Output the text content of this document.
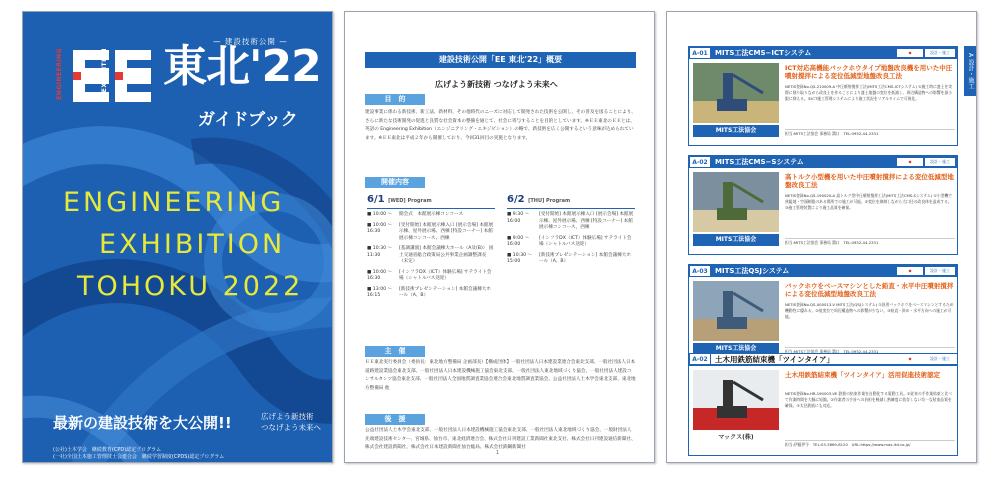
— 建設技術公開 —
ENGINEERING	EXHIBITION 東北'22
ガイドブック
ENGINEERING
EXHIBITION
TOHOKU 2022
最新の建設技術を大公開!!	広げよう新技術
つなげよう未来へ
(公社)土木学会　継続教育(CPD)認定プログラム
(一社)全国土木施工管理技士会連合会　継続学習制度(CPDS)認定プログラム
建設技術公開「EE 東北'22」概要
広げよう新技術 つなげよう未来へ
目　的
建設事業に係わる新技術、新工法、新材料、その他時代のニーズに対応して開発された技術を公開し、その普及を図ることにより、さらに新たな技術開発の促進と良質な社会資本の整備を通じて、社会に寄与することを目的としています。※ＥＥ東北のＥＥとは、英語の Engineering Exhibition（エンジニアリング・エキジビション）の略で、新技術を広く公開するという意味が込められています。※ＥＥ東北は平成２年から開催しており、今回31回目の実施となります。
開催内容
6/1 [WED] Program
■ 10:00 〜	開会式　本館展示棟コンコース
■ 10:00 〜 16:30
[受付開始] 本館展示棟入口 [展示会場] 本館展示棟、屋外展示場、西棟 [特設コーナー] 本館展示棟コンコース、西棟
■ 10:30 〜 11:30
[基調講演] 本館会議棟大ホール（A及(B)） 国土交通省総合政策局公共事業企画調整課長（未定）
■ 10:00 〜 16:30
[インフラDX（ICT）体験広場] サテライト会場（シャトルバス送迎）
■ 13:00 〜 16:15
[新技術プレゼンテーション] 本館会議棟大ホール（A、B）
6/2 [THU] Program
■ 9:30 〜 16:00
[受付開始] 本館展示棟入口 [展示会場] 本館展示棟、屋外展示場、西棟 [特設コーナー] 本館展示棟コンコース、西棟
■ 9:00 〜 16:00
[インフラDX（ICT）体験広場] サテライト会場（シャトルバス送迎）
■ 10:30 〜 15:00
[新技術プレゼンテーション] 本館会議棟大ホール（A、B）
主　催
ＥＥ東北実行委員会（委員長：東北地方整備局 企画部長）【構成団体】一般社団法人日本建設業連合会東北支部、一般社団法人日本道路建設業協会東北支部、一般社団法人日本建設機械施工協会東北支部、一般社団法人東北地域づくり協会、一般社団法人建設コンサルタンツ協会東北支部、一般社団法人全国地質調査業協会連合会東北地質調査業協会、公益社団法人土木学会東北支部、東北地方整備局 他
後　援
公益社団法人土木学会東北支部、一般社団法人日本建設機械施工協会東北支部、一般社団法人東北地域づくり協会、一般財団法人先端建設技術センター、宮城県、仙台市、東北経済連合会、株式会社日刊建設工業新聞社東北支社、株式会社日刊建設通信新聞社、株式会社建設新聞社、株式会社日本建設新聞社仙台総局、株式会社鉄鋼新聞社
1
A 設計・施工
A-01	MITS工法CMS−ICTシステム	◆	設計・施工
MITS工法協会
ICT対応高機能バックホウタイプ地盤改良機を用いた中圧噴射撹拌による変位低減型地盤改良工法
NETIS登録No.QS-210009-A 中圧噴射撹拌工法(MITS工法CMS-ICTシステム) ①施工時に盛土を実際に削り取りながら改良土を作ることにより盛土地盤の変位を低減し、周辺構造物への影響を最小限に抑える。②ICT施工管理システムにより施工状況をリアルタイムで可視化。
担当:MITS工法協会 事務局 溝口　TEL:0952-44-2331
A-02	MITS工法CMS−Sシステム	◆	設計・施工
MITS工法協会
高トルク小型機を用いた中圧噴射撹拌による変位低減型地盤改良工法
NETIS登録No.QS-190020-A 高トルク型中圧噴射撹拌工法(MITS工法CMS-Sシステム) ①小型機で狭隘地・空頭制限のある場所での施工が可能。②変位を抑制しながら大口径の改良体を造成する。③施工管理装置により施工品質を確保。
担当:MITS工法協会 事務局 溝口　TEL:0952-44-2331
A-03	MITS工法QSJシステム	◆	設計・施工
MITS工法協会
バックホウをベースマシンとした鉛直・水平中圧噴射撹拌による変位低減型地盤改良工法
NETIS登録No.QS-000013-V MITS工法(QSJシステム) ①汎用バックホウをベースマシンとするため機動性に優れる。②低変位で周辺構造物への影響が少ない。③鉛直・斜め・水平方向への施工が可能。
担当:MITS工法協会 事務局 溝口　TEL:0952-44-2331
A-02 土木用鉄筋結束機「ツインタイア」	◆	設計・施工
マックス(株)
土木用鉄筋結束機「ツインタイア」活用促進技術認定
NETIS登録No.HR-190003-VE 鉄筋の結束作業を自動化する電動工具。①従来の手作業結束と比べて作業時間を大幅に短縮。②作業者の手首への負担を軽減し熟練度に依存しない均一な結束品質を確保。③太径鉄筋にも対応。
担当:伊藤伊予　TEL:03-3669-8120　URL:https://www.max-ltd.co.jp/
